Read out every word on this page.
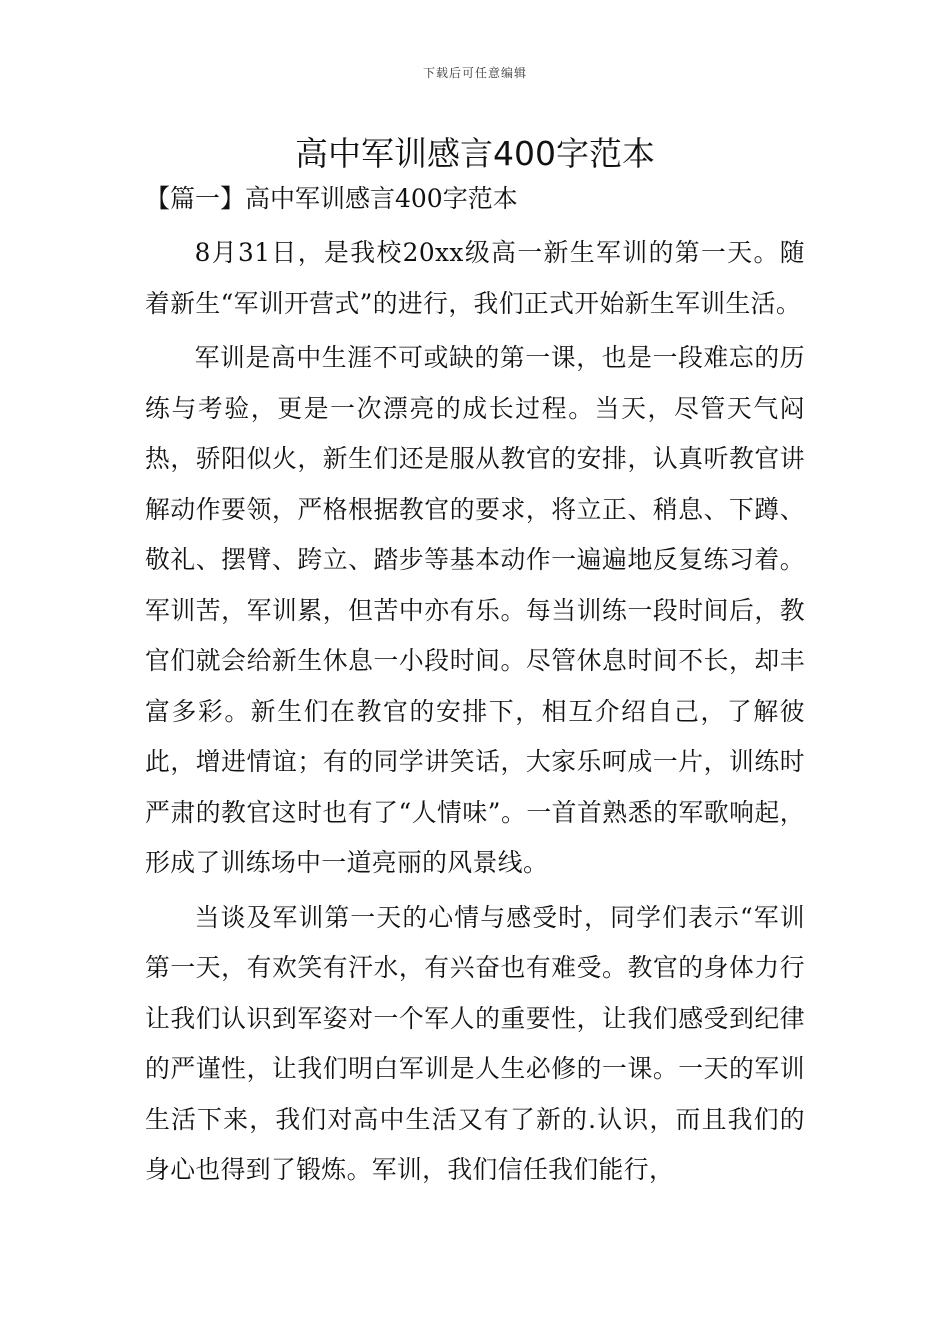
下载后可任意编辑
高中军训感言400字范本
【篇一】高中军训感言400字范本

8月31日，是我校20xx级高一新生军训的第一天。随着新生“军训开营式”的进行，我们正式开始新生军训生活。

军训是高中生涯不可或缺的第一课，也是一段难忘的历练与考验，更是一次漂亮的成长过程。当天，尽管天气闷热，骄阳似火，新生们还是服从教官的安排，认真听教官讲解动作要领，严格根据教官的要求，将立正、稍息、下蹲、敬礼、摆臂、跨立、踏步等基本动作一遍遍地反复练习着。军训苦，军训累，但苦中亦有乐。每当训练一段时间后，教官们就会给新生休息一小段时间。尽管休息时间不长，却丰富多彩。新生们在教官的安排下，相互介绍自己，了解彼此，增进情谊；有的同学讲笑话，大家乐呵成一片，训练时严肃的教官这时也有了“人情味”。一首首熟悉的军歌响起，形成了训练场中一道亮丽的风景线。

当谈及军训第一天的心情与感受时，同学们表示“军训第一天，有欢笑有汗水，有兴奋也有难受。教官的身体力行让我们认识到军姿对一个军人的重要性，让我们感受到纪律的严谨性，让我们明白军训是人生必修的一课。一天的军训生活下来，我们对高中生活又有了新的.认识，而且我们的身心也得到了锻炼。军训，我们信任我们能行，
